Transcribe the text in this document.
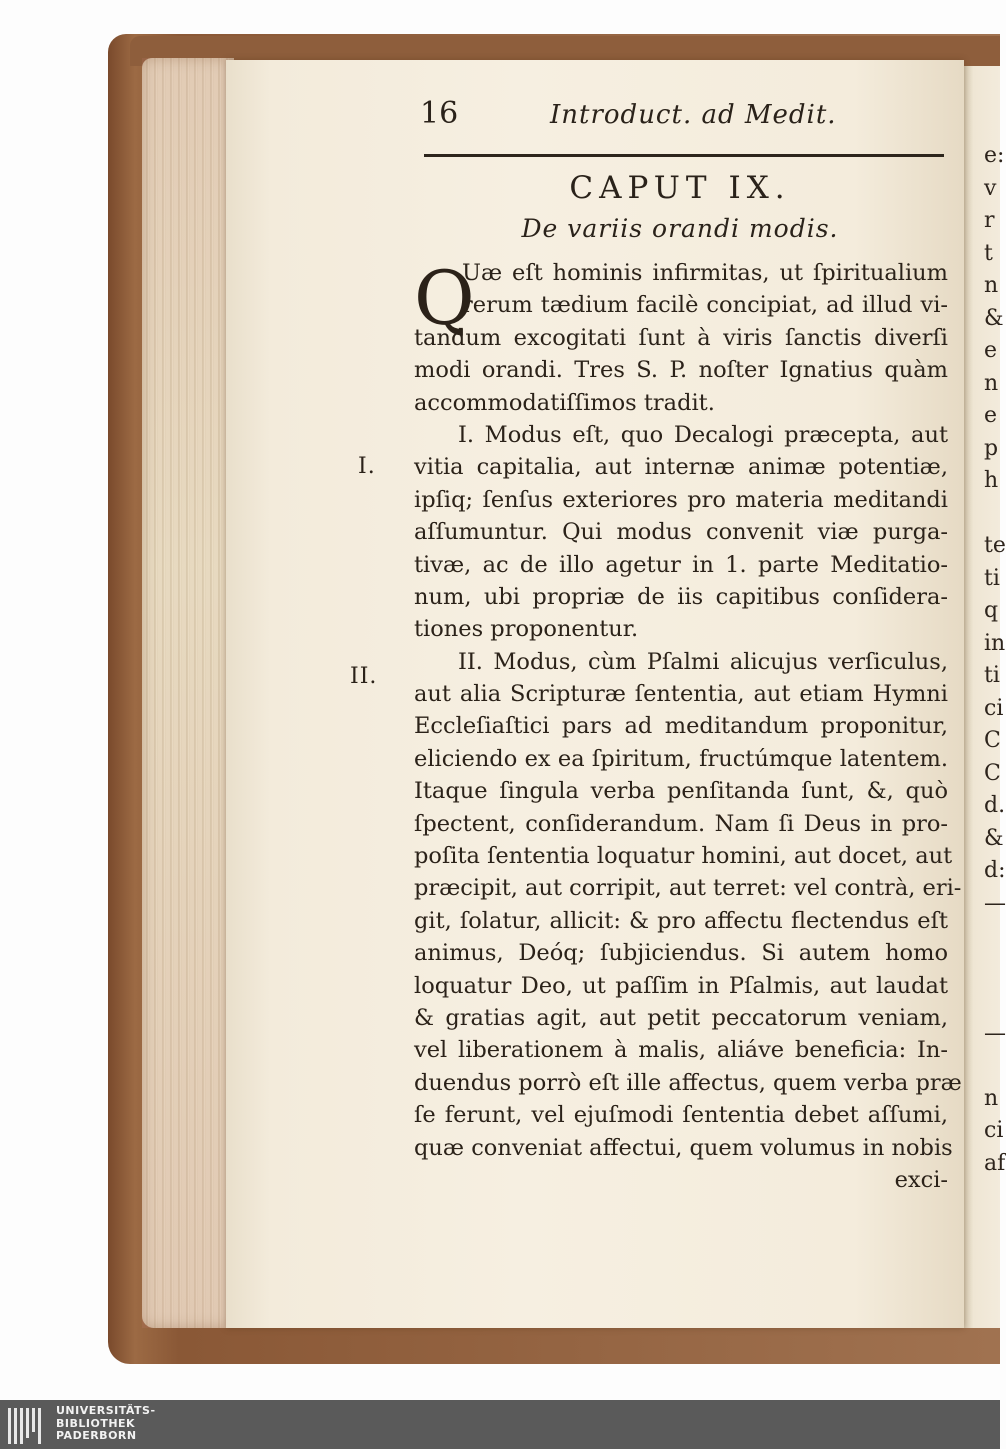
e:
v
r
t
n
&
e
n
e
p
h

te
ti
q
in
ti
ci
C
C
d.
&
d:
—

—

n
ci
af
16	Introduct. ad Medit.
CAPUT IX.
De variis orandi modis.
Q
Uæ eſt hominis infirmitas, ut ſpiritualium
rerum tædium facilè concipiat, ad illud vi-
tandum excogitati ſunt à viris ſanctis diverſi
modi orandi. Tres S. P. noſter Ignatius quàm
accommodatiſſimos tradit.
I. Modus eſt, quo Decalogi præcepta, aut
vitia capitalia, aut internæ animæ potentiæ,
ipſiq; ſenſus exteriores pro materia meditandi
aſſumuntur. Qui modus convenit viæ purga-
tivæ, ac de illo agetur in 1. parte Meditatio-
num, ubi propriæ de iis capitibus conſidera-
tiones proponentur.
II. Modus, cùm Pſalmi alicujus verſiculus,
aut alia Scripturæ ſententia, aut etiam Hymni
Eccleſiaſtici pars ad meditandum proponitur,
eliciendo ex ea ſpiritum, fructúmque latentem.
Itaque ſingula verba penſitanda ſunt, &, quò
ſpectent, conſiderandum. Nam ſi Deus in pro-
poſita ſententia loquatur homini, aut docet, aut
præcipit, aut corripit, aut terret: vel contrà, eri-
git, ſolatur, allicit: & pro affectu flectendus eſt
animus, Deóq; ſubjiciendus. Si autem homo
loquatur Deo, ut paſſim in Pſalmis, aut laudat
& gratias agit, aut petit peccatorum veniam,
vel liberationem à malis, aliáve beneficia: In-
duendus porrò eſt ille affectus, quem verba præ
ſe ferunt, vel ejuſmodi ſententia debet aſſumi,
quæ conveniat affectui, quem volumus in nobis
exci-
I.
II.
UNIVERSITÄTS-
BIBLIOTHEK
PADERBORN
